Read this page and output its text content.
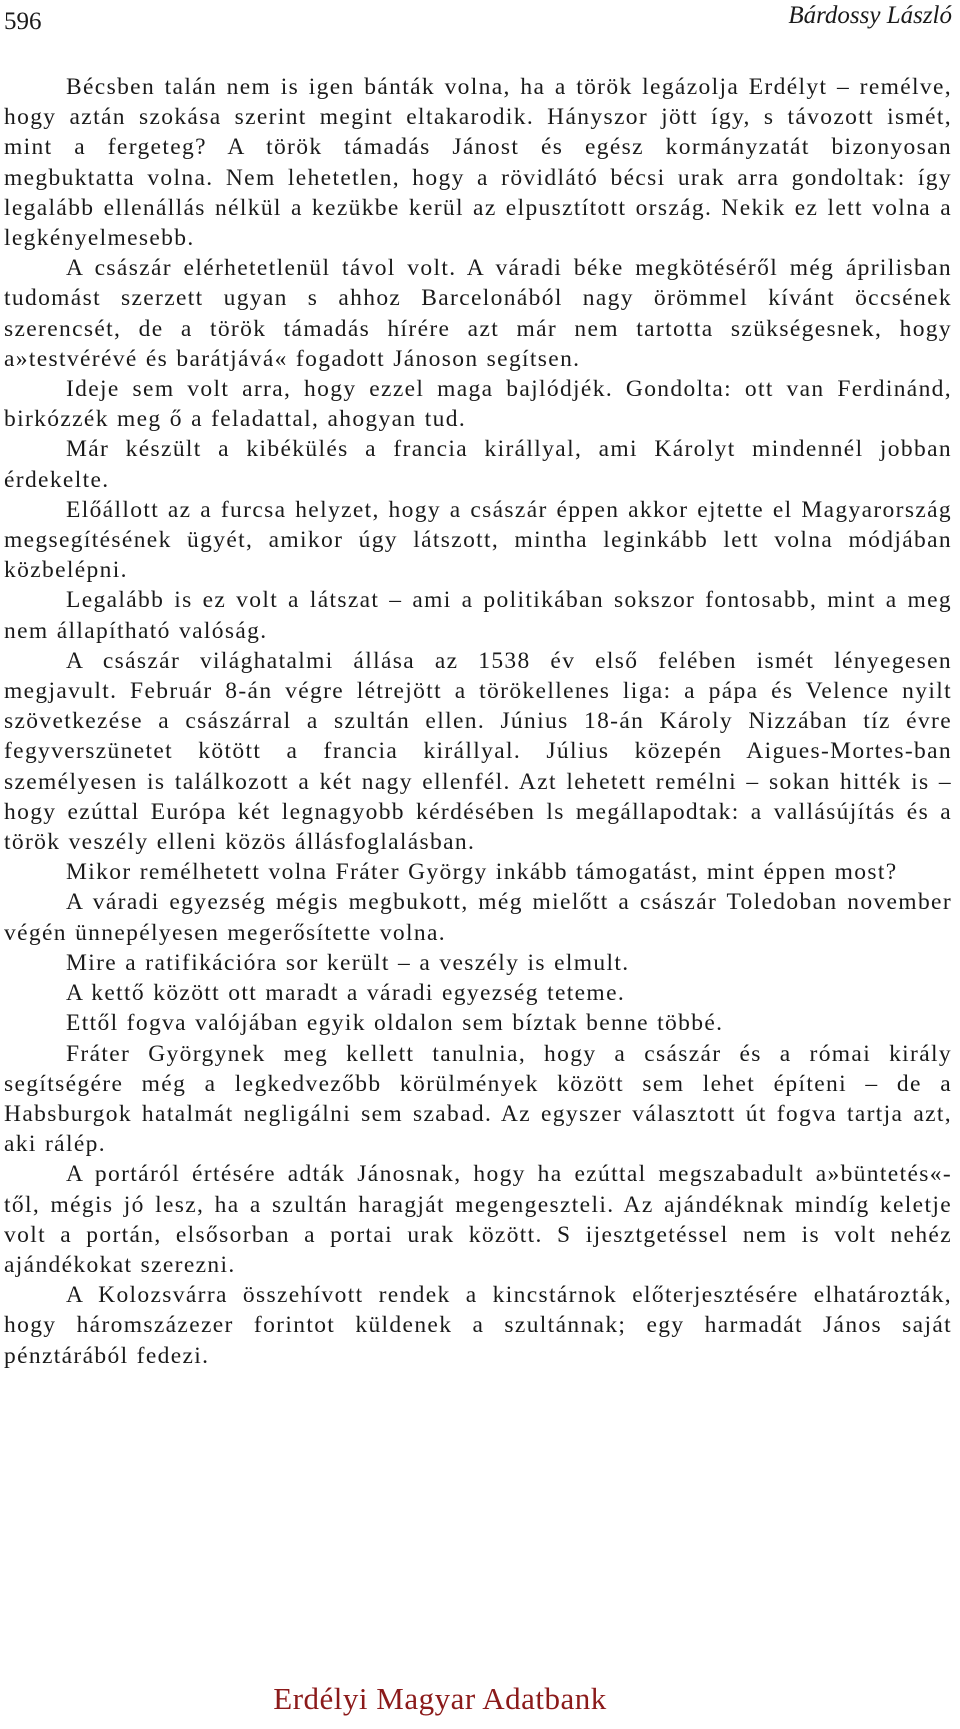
596	Bárdossy László

Bécsben talán nem is igen bánták volna, ha a török legázolja Erdélyt – remélve, hogy aztán szokása szerint megint eltakarodik. Hányszor jött így, s távozott ismét, mint a fergeteg? A török támadás Jánost és egész kormányzatát bizonyosan megbuktatta volna. Nem lehetetlen, hogy a rövidlátó bécsi urak arra gondoltak: így legalább ellenállás nélkül a kezükbe kerül az elpusztított ország. Nekik ez lett volna a legkényelmesebb.

A császár elérhetetlenül távol volt. A váradi béke megkötéséről még áprilisban tudomást szerzett ugyan s ahhoz Barcelonából nagy örömmel kívánt öccsének szerencsét, de a török támadás hírére azt már nem tartotta szükségesnek, hogy a»testvérévé és barátjává« fogadott Jánoson segítsen.

Ideje sem volt arra, hogy ezzel maga bajlódjék. Gondolta: ott van Ferdinánd, birkózzék meg ő a feladattal, ahogyan tud.

Már készült a kibékülés a francia királlyal, ami Károlyt mindennél jobban érdekelte.

Előállott az a furcsa helyzet, hogy a császár éppen akkor ejtette el Magyarország megsegítésének ügyét, amikor úgy látszott, mintha leginkább lett volna módjában közbelépni.

Legalább is ez volt a látszat – ami a politikában sokszor fontosabb, mint a meg nem állapítható valóság.

A császár világhatalmi állása az 1538 év első felében ismét lényegesen megjavult. Február 8-án végre létrejött a törökellenes liga: a pápa és Velence nyilt szövetkezése a császárral a szultán ellen. Június 18-án Károly Nizzában tíz évre fegyverszünetet kötött a francia királlyal. Július közepén Aigues-Mortes-ban személyesen is találkozott a két nagy ellenfél. Azt lehetett remélni – sokan hitték is – hogy ezúttal Európa két legnagyobb kérdésében ls megállapodtak: a vallásújítás és a török veszély elleni közös állásfoglalásban.

Mikor remélhetett volna Fráter György inkább támogatást, mint éppen most?

A váradi egyezség mégis megbukott, még mielőtt a császár Toledoban november végén ünnepélyesen megerősítette volna.

Mire a ratifikációra sor került – a veszély is elmult.

A kettő között ott maradt a váradi egyezség teteme.

Ettől fogva valójában egyik oldalon sem bíztak benne többé.

Fráter Györgynek meg kellett tanulnia, hogy a császár és a római király segítségére még a legkedvezőbb körülmények között sem lehet építeni – de a Habsburgok hatalmát negligálni sem szabad. Az egyszer választott út fogva tartja azt, aki rálép.

A portáról értésére adták Jánosnak, hogy ha ezúttal megszabadult a»büntetés«-től, mégis jó lesz, ha a szultán haragját megengeszteli. Az ajándéknak mindíg keletje volt a portán, elsősorban a portai urak között. S ijesztgetéssel nem is volt nehéz ajándékokat szerezni.

A Kolozsvárra összehívott rendek a kincstárnok előterjesztésére elhatározták, hogy háromszázezer forintot küldenek a szultánnak; egy harmadát János saját pénztárából fedezi.

Erdélyi Magyar Adatbank
